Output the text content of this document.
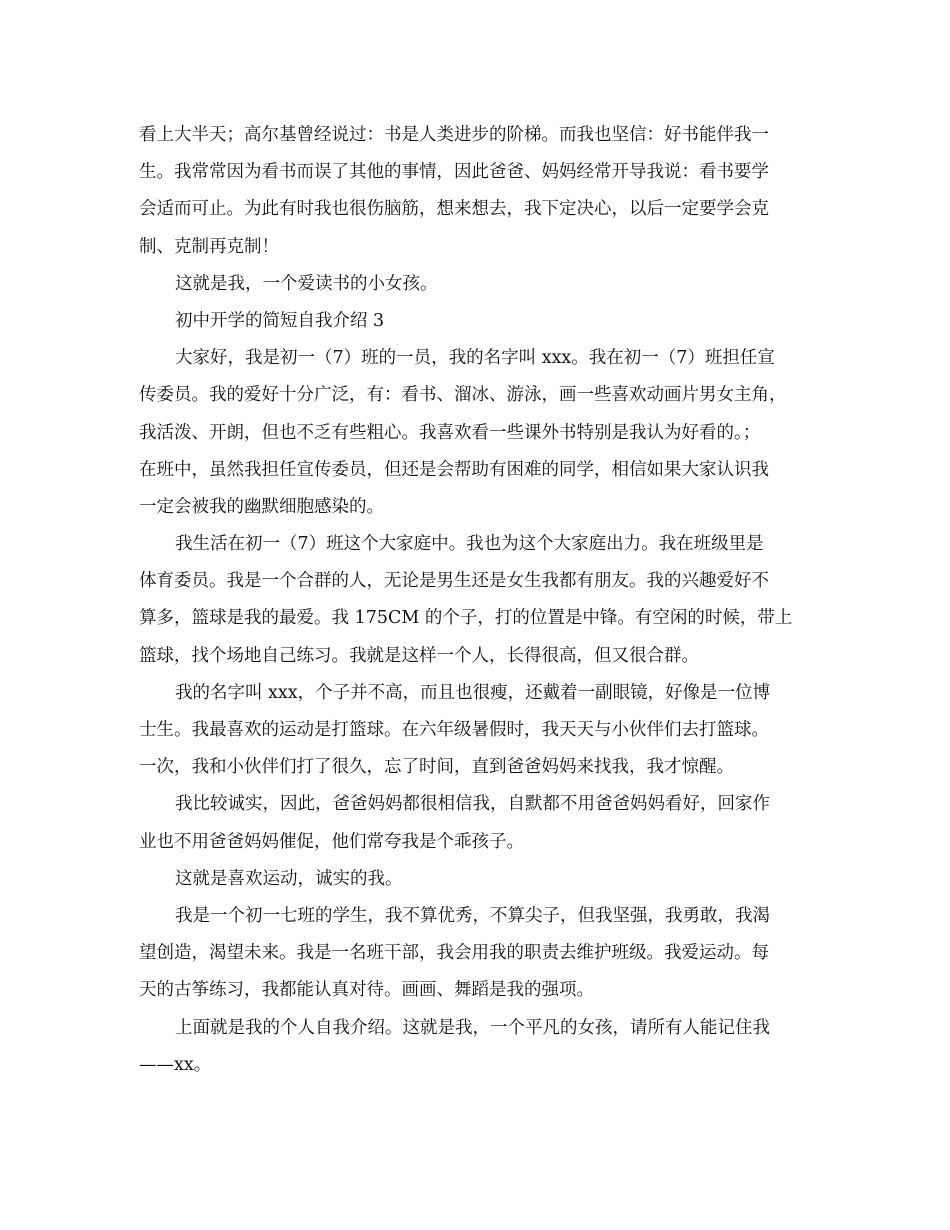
看上大半天；高尔基曾经说过：书是人类进步的阶梯。而我也坚信：好书能伴我一
生。我常常因为看书而误了其他的事情，因此爸爸、妈妈经常开导我说：看书要学
会适而可止。为此有时我也很伤脑筋，想来想去，我下定决心，以后一定要学会克
制、克制再克制！
这就是我，一个爱读书的小女孩。
初中开学的简短自我介绍 3
大家好，我是初一（7）班的一员，我的名字叫 xxx。我在初一（7）班担任宣
传委员。我的爱好十分广泛，有：看书、溜冰、游泳，画一些喜欢动画片男女主角，
我活泼、开朗，但也不乏有些粗心。我喜欢看一些课外书特别是我认为好看的。；
在班中，虽然我担任宣传委员，但还是会帮助有困难的同学，相信如果大家认识我
一定会被我的幽默细胞感染的。
我生活在初一（7）班这个大家庭中。我也为这个大家庭出力。我在班级里是
体育委员。我是一个合群的人，无论是男生还是女生我都有朋友。我的兴趣爱好不
算多，篮球是我的最爱。我 175CM 的个子，打的位置是中锋。有空闲的时候，带上
篮球，找个场地自己练习。我就是这样一个人，长得很高，但又很合群。
我的名字叫 xxx，个子并不高，而且也很瘦，还戴着一副眼镜，好像是一位博
士生。我最喜欢的运动是打篮球。在六年级暑假时，我天天与小伙伴们去打篮球。
一次，我和小伙伴们打了很久，忘了时间，直到爸爸妈妈来找我，我才惊醒。
我比较诚实，因此，爸爸妈妈都很相信我，自默都不用爸爸妈妈看好，回家作
业也不用爸爸妈妈催促，他们常夸我是个乖孩子。
这就是喜欢运动，诚实的我。
我是一个初一七班的学生，我不算优秀，不算尖子，但我坚强，我勇敢，我渴
望创造，渴望未来。我是一名班干部，我会用我的职责去维护班级。我爱运动。每
天的古筝练习，我都能认真对待。画画、舞蹈是我的强项。
上面就是我的个人自我介绍。这就是我，一个平凡的女孩，请所有人能记住我
——xx。
